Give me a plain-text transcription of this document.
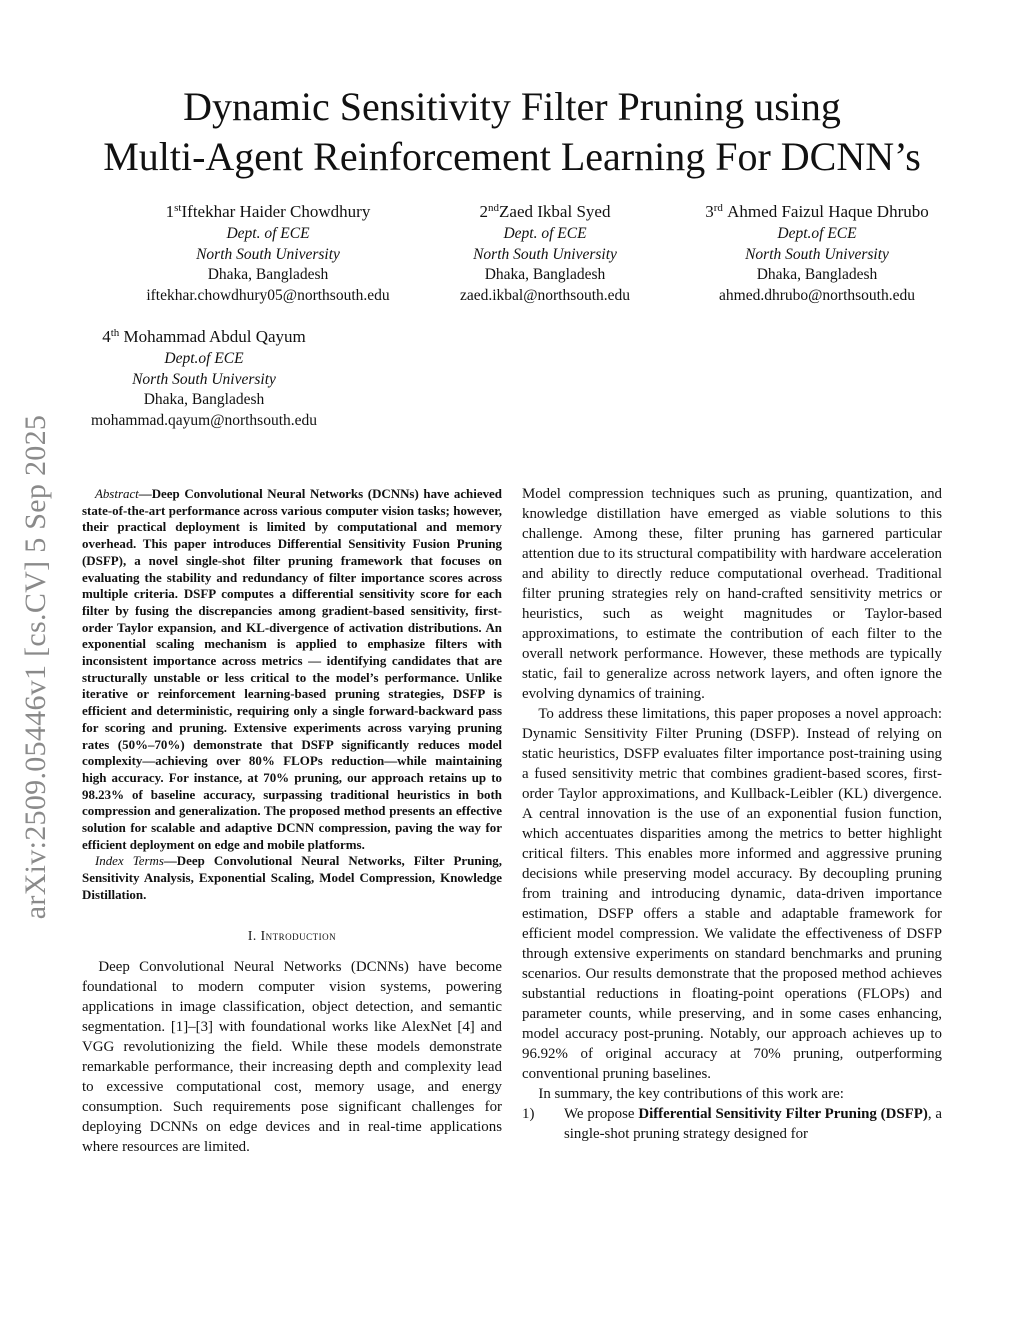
arXiv:2509.05446v1 [cs.CV] 5 Sep 2025
Dynamic Sensitivity Filter Pruning using
Multi-Agent Reinforcement Learning For DCNN’s
1stIftekhar Haider Chowdhury
Dept. of ECE
North South University
Dhaka, Bangladesh
iftekhar.chowdhury05@northsouth.edu
2ndZaed Ikbal Syed
Dept. of ECE
North South University
Dhaka, Bangladesh
zaed.ikbal@northsouth.edu
3rd Ahmed Faizul Haque Dhrubo
Dept.of ECE
North South University
Dhaka, Bangladesh
ahmed.dhrubo@northsouth.edu
4th Mohammad Abdul Qayum
Dept.of ECE
North South University
Dhaka, Bangladesh
mohammad.qayum@northsouth.edu

Abstract—Deep Convolutional Neural Networks (DCNNs) have achieved state-of-the-art performance across various computer vision tasks; however, their practical deployment is limited by computational and memory overhead. This paper introduces Differential Sensitivity Fusion Pruning (DSFP), a novel single-shot filter pruning framework that focuses on evaluating the stability and redundancy of filter importance scores across multiple criteria. DSFP computes a differential sensitivity score for each filter by fusing the discrepancies among gradient-based sensitivity, first-order Taylor expansion, and KL-divergence of activation distributions. An exponential scaling mechanism is applied to emphasize filters with inconsistent importance across metrics — identifying candidates that are structurally unstable or less critical to the model’s performance. Unlike iterative or reinforcement learning-based pruning strategies, DSFP is efficient and deterministic, requiring only a single forward-backward pass for scoring and pruning. Extensive experiments across varying pruning rates (50%–70%) demonstrate that DSFP significantly reduces model complexity—achieving over 80% FLOPs reduction—while maintaining high accuracy. For instance, at 70% pruning, our approach retains up to 98.23% of baseline accuracy, surpassing traditional heuristics in both compression and generalization. The proposed method presents an effective solution for scalable and adaptive DCNN compression, paving the way for efficient deployment on edge and mobile platforms.

Index Terms—Deep Convolutional Neural Networks, Filter Pruning, Sensitivity Analysis, Exponential Scaling, Model Compression, Knowledge Distillation.

I. Introduction

Deep Convolutional Neural Networks (DCNNs) have become foundational to modern computer vision systems, powering applications in image classification, object detection, and semantic segmentation. [1]–[3] with foundational works like AlexNet [4] and VGG revolutionizing the field. While these models demonstrate remarkable performance, their increasing depth and complexity lead to excessive computational cost, memory usage, and energy consumption. Such requirements pose significant challenges for deploying DCNNs on edge devices and in real-time applications where resources are limited.

Model compression techniques such as pruning, quantization, and knowledge distillation have emerged as viable solutions to this challenge. Among these, filter pruning has garnered particular attention due to its structural compatibility with hardware acceleration and ability to directly reduce computational overhead. Traditional filter pruning strategies rely on hand-crafted sensitivity metrics or heuristics, such as weight magnitudes or Taylor-based approximations, to estimate the contribution of each filter to the overall network performance. However, these methods are typically static, fail to generalize across network layers, and often ignore the evolving dynamics of training.

To address these limitations, this paper proposes a novel approach: Dynamic Sensitivity Filter Pruning (DSFP). Instead of relying on static heuristics, DSFP evaluates filter importance post-training using a fused sensitivity metric that combines gradient-based scores, first-order Taylor approximations, and Kullback-Leibler (KL) divergence. A central innovation is the use of an exponential fusion function, which accentuates disparities among the metrics to better highlight critical filters. This enables more informed and aggressive pruning decisions while preserving model accuracy. By decoupling pruning from training and introducing dynamic, data-driven importance estimation, DSFP offers a stable and adaptable framework for efficient model compression. We validate the effectiveness of DSFP through extensive experiments on standard benchmarks and pruning scenarios. Our results demonstrate that the proposed method achieves substantial reductions in floating-point operations (FLOPs) and parameter counts, while preserving, and in some cases enhancing, model accuracy post-pruning. Notably, our approach achieves up to 96.92% of original accuracy at 70% pruning, outperforming conventional pruning baselines.

In summary, the key contributions of this work are:

1) We propose Differential Sensitivity Filter Pruning (DSFP), a single-shot pruning strategy designed for
